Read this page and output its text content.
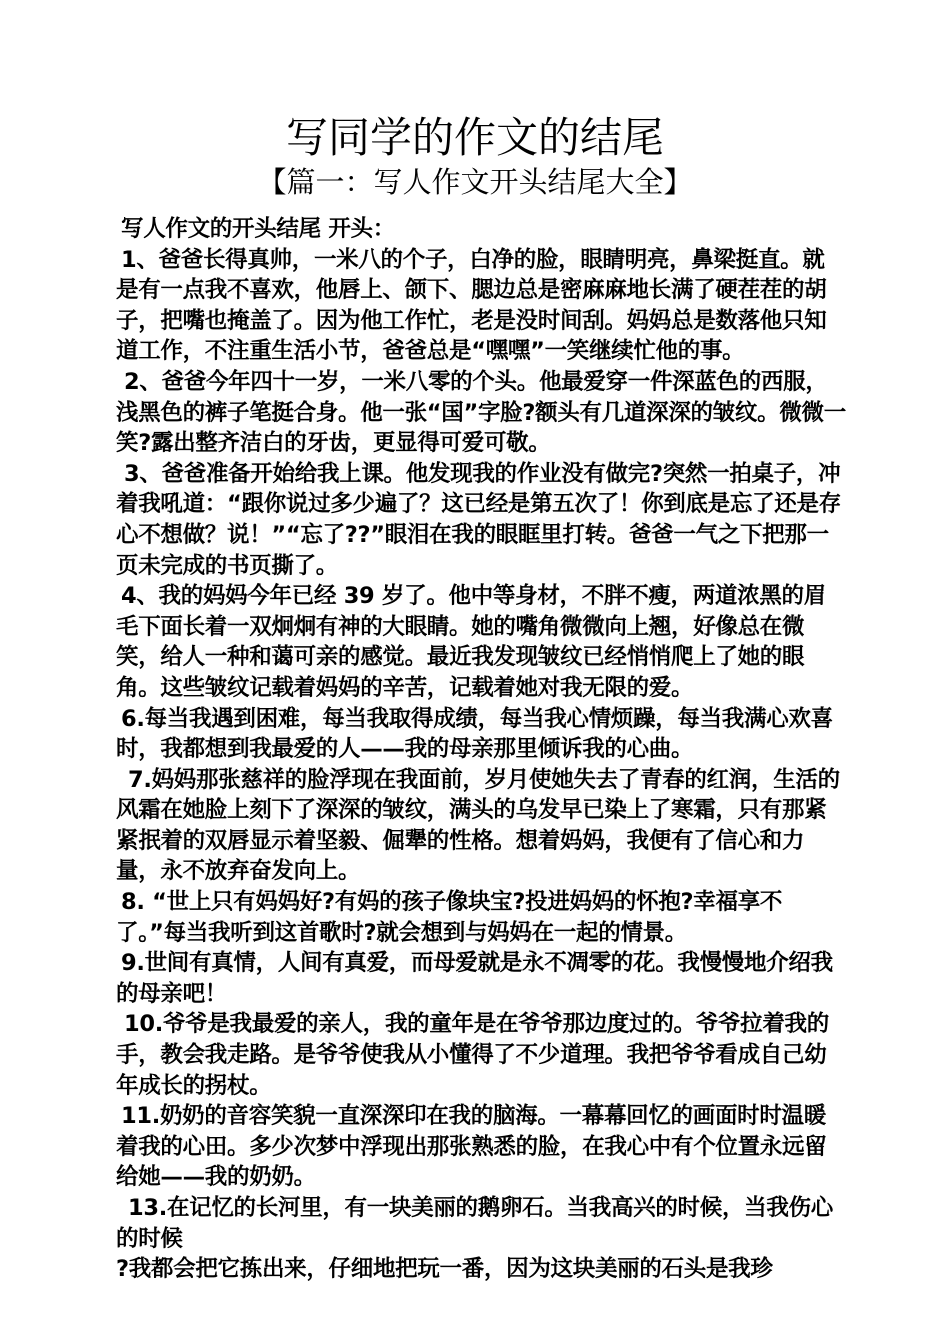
写同学的作文的结尾
【篇一：写人作文开头结尾大全】

写人作文的开头结尾 开头：

1、爸爸长得真帅，一米八的个子，白净的脸，眼睛明亮，鼻梁挺直。就是有一点我不喜欢，他唇上、颌下、腮边总是密麻麻地长满了硬茬茬的胡子，把嘴也掩盖了。因为他工作忙，老是没时间刮。妈妈总是数落他只知道工作，不注重生活小节，爸爸总是“嘿嘿”一笑继续忙他的事。

2、爸爸今年四十一岁，一米八零的个头。他最爱穿一件深蓝色的西服，浅黑色的裤子笔挺合身。他一张“国”字脸?额头有几道深深的皱纹。微微一笑?露出整齐洁白的牙齿，更显得可爱可敬。

3、爸爸准备开始给我上课。他发现我的作业没有做完?突然一拍桌子，冲着我吼道：“跟你说过多少遍了？这已经是第五次了！你到底是忘了还是存心不想做？说！”“忘了??”眼泪在我的眼眶里打转。爸爸一气之下把那一页未完成的书页撕了。

4、我的妈妈今年已经 39 岁了。他中等身材，不胖不瘦，两道浓黑的眉毛下面长着一双炯炯有神的大眼睛。她的嘴角微微向上翘，好像总在微笑，给人一种和蔼可亲的感觉。最近我发现皱纹已经悄悄爬上了她的眼角。这些皱纹记载着妈妈的辛苦，记载着她对我无限的爱。

6.每当我遇到困难，每当我取得成绩，每当我心情烦躁，每当我满心欢喜时，我都想到我最爱的人——我的母亲那里倾诉我的心曲。

7.妈妈那张慈祥的脸浮现在我面前，岁月使她失去了青春的红润，生活的风霜在她脸上刻下了深深的皱纹，满头的乌发早已染上了寒霜，只有那紧紧抿着的双唇显示着坚毅、倔犟的性格。想着妈妈，我便有了信心和力量，永不放弃奋发向上。

8. “世上只有妈妈好?有妈的孩子像块宝?投进妈妈的怀抱?幸福享不了。”每当我听到这首歌时?就会想到与妈妈在一起的情景。

9.世间有真情，人间有真爱，而母爱就是永不凋零的花。我慢慢地介绍我的母亲吧！

10.爷爷是我最爱的亲人，我的童年是在爷爷那边度过的。爷爷拉着我的手，教会我走路。是爷爷使我从小懂得了不少道理。我把爷爷看成自己幼年成长的拐杖。

11.奶奶的音容笑貌一直深深印在我的脑海。一幕幕回忆的画面时时温暖着我的心田。多少次梦中浮现出那张熟悉的脸，在我心中有个位置永远留给她——我的奶奶。

13.在记忆的长河里，有一块美丽的鹅卵石。当我高兴的时候，当我伤心的时候

?我都会把它拣出来，仔细地把玩一番，因为这块美丽的石头是我珍
